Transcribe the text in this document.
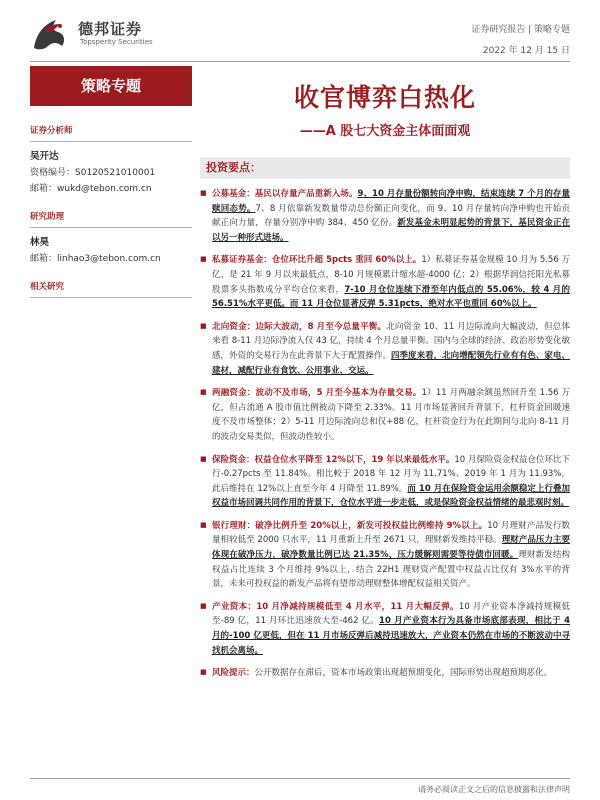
德邦证券
Topsperity Securities
证券研究报告 | 策略专题
2022 年 12 月 15 日
策略专题
证券分析师
吴开达
资格编号：S0120521010001
邮箱：wukd@tebon.com.cn
研究助理
林昊
邮箱：linhao3@tebon.com.cn
相关研究
收官博弈白热化
——A 股七大资金主体面面观
投资要点：
■ 公募基金：基民以存量产品重新入场。9、10 月存量份额转向净申购，结束连续 7 个月的存量赎回态势。7、8 月依靠新发数量带动总份额正向变化，而 9、10 月存量转向净申购也开始贡献正向力量，存量分别净申购 384、450 亿份。新发基金未明显起势的背景下，基民资金正在以另一种形式进场。
■ 私募证券基金：仓位环比升超 5pcts 重回 60%以上。1）私募证券基金规模 10 月为 5.56 万亿，是 21 年 9 月以来最低点，8-10 月规模累计缩水超-4000 亿；2）根据华润信托阳光私募股票多头指数成分平均仓位来看，7-10 月仓位连续下滑至年内低点的 55.06%，较 4 月的 56.51%水平更低。而 11 月仓位显著反弹 5.31pcts，绝对水平也重回 60%以上。
■ 北向资金：边际大波动，8 月至今总量平衡。北向资金 10、11 月边际流向大幅波动，但总体来看 8-11 月边际净流入仅 43 亿，持续 4 个月总量平衡。国内与全球的经济、政治形势变化敏感，外资的交易行为在此背景下大于配置操作。四季度来看，北向增配领先行业有有色、家电、建材，减配行业有食饮、公用事业、交运。
■ 两融资金：波动不及市场，5 月至今基本为存量交易。1）11 月两融余额虽然回升至 1.56 万亿，但占流通 A 股市值比例被动下降至 2.33%。11 月市场显著回升背景下，杠杆资金回暖速度不及市场整体；2）5-11 月边际流向总和仅+88 亿，杠杆资金行为在此期间与北向 8-11 月的波动交易类似，但波动性较小。
■ 保险资金：权益仓位水平降至 12%以下，19 年以来最低水平。10 月保险资金权益仓位环比下行-0.27pcts 至 11.84%。相比較于 2018 年 12 月为 11.71%、2019 年 1 月为 11.93%，此后维持在 12%以上直至今年 4 月降至 11.89%。而 10 月在保险资金运用余额稳定上行叠加权益市场回调共同作用的背景下，仓位水平进一步走低，或是保险资金权益情绪的最悲观时刻。
■ 银行理财：破净比例升至 20%以上，新发可投权益比例维持 9%以上。10 月理财产品发行数量相较低至 2000 只水平，11 月重新上升至 2671 只，理财新发维持平稳。理财产品压力主要体现在破净压力，破净数量比例已达 21.35%，压力缓解则需要等待债市回暖。理财新发结构权益占比连续 3 个月维持 9%以上，结合 22H1 理财资产配置中权益占比仅有 3%水平的背景，未来可投权益的新发产品将有望带动理财整体增配权益相关资产。
■ 产业资本：10 月净减持规模低至 4 月水平，11 月大幅反弹。10 月产业资本净减持规模低至-89 亿，11 月环比迅速放大至-462 亿。10 月产业资本行为具备市场底部表现，相比于 4 月的-100 亿更低，但在 11 月市场反弹后减持迅速放大，产业资本仍然在市场的不断波动中寻找机会离场。
■ 风险提示：公开数据存在滞后，资本市场政策出现超预期变化，国际形势出现超预期恶化。
请务必阅读正文之后的信息披露和法律声明
